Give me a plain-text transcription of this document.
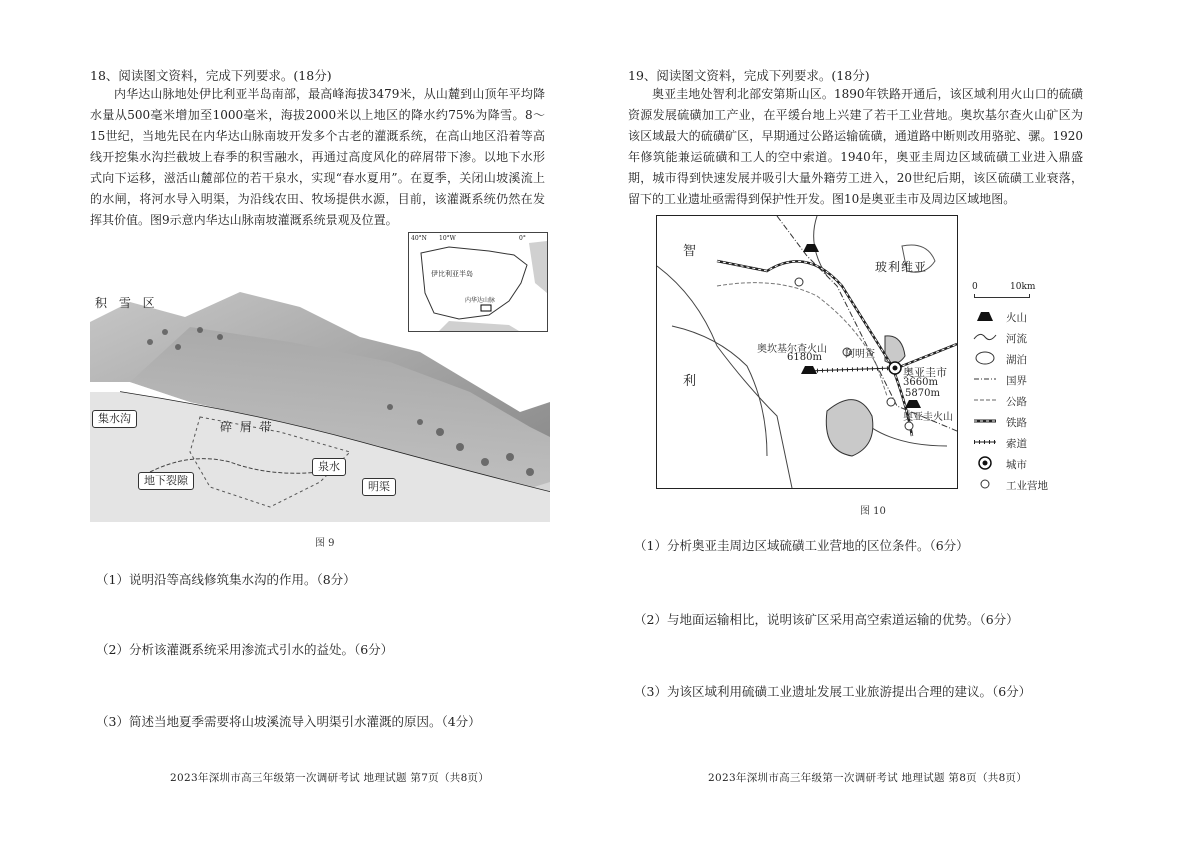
18、阅读图文资料，完成下列要求。(18分)

内华达山脉地处伊比利亚半岛南部，最高峰海拔3479米，从山麓到山顶年平均降水量从500毫米增加至1000毫米，海拔2000米以上地区的降水约75%为降雪。8～15世纪，当地先民在内华达山脉南坡开发多个古老的灌溉系统，在高山地区沿着等高线开挖集水沟拦截坡上春季的积雪融水，再通过高度风化的碎屑带下渗。以地下水形式向下运移，滋活山麓部位的若干泉水，实现“春水夏用”。在夏季，关闭山坡溪流上的水闸，将河水导入明渠，为沿线农田、牧场提供水源，目前，该灌溉系统仍然在发挥其价值。图9示意内华达山脉南坡灌溉系统景观及位置。

积 雪 区
集水沟
碎 屑 带
泉水
地下裂隙	明渠
伊比利亚半岛
内华达山脉
40°N 10°W	0°
图 9
（1）说明沿等高线修筑集水沟的作用。（8分）
（2）分析该灌溉系统采用渗流式引水的益处。（6分）
（3）简述当地夏季需要将山坡溪流导入明渠引水灌溉的原因。（4分）
2023年深圳市高三年级第一次调研考试 地理试题 第7页（共8页）
19、阅读图文资料，完成下列要求。(18分)

奥亚圭地处智利北部安第斯山区。1890年铁路开通后，该区域利用火山口的硫磺资源发展硫磺加工产业，在平缓台地上兴建了若干工业营地。奥坎基尔查火山矿区为该区域最大的硫磺矿区，早期通过公路运输硫磺，通道路中断则改用骆驼、骡。1920年修筑能兼运硫磺和工人的空中索道。1940年，奥亚圭周边区域硫磺工业进入鼎盛期，城市得到快速发展并吸引大量外籍劳工进入，20世纪后期，该区硫磺工业衰落，留下的工业遗址亟需得到保护性开发。图10是奥亚圭市及周边区域地图。

智
利
玻利维亚
奥坎基尔查火山
6180m 阿明查
奥亚圭市
3660m
5870m
奥亚圭火山
0	10km
火山
河流
湖泊
国界
公路
铁路
索道
城市
工业营地
图 10
（1）分析奥亚圭周边区域硫磺工业营地的区位条件。（6分）
（2）与地面运输相比，说明该矿区采用高空索道运输的优势。（6分）
（3）为该区域利用硫磺工业遗址发展工业旅游提出合理的建议。（6分）
2023年深圳市高三年级第一次调研考试 地理试题 第8页（共8页）
